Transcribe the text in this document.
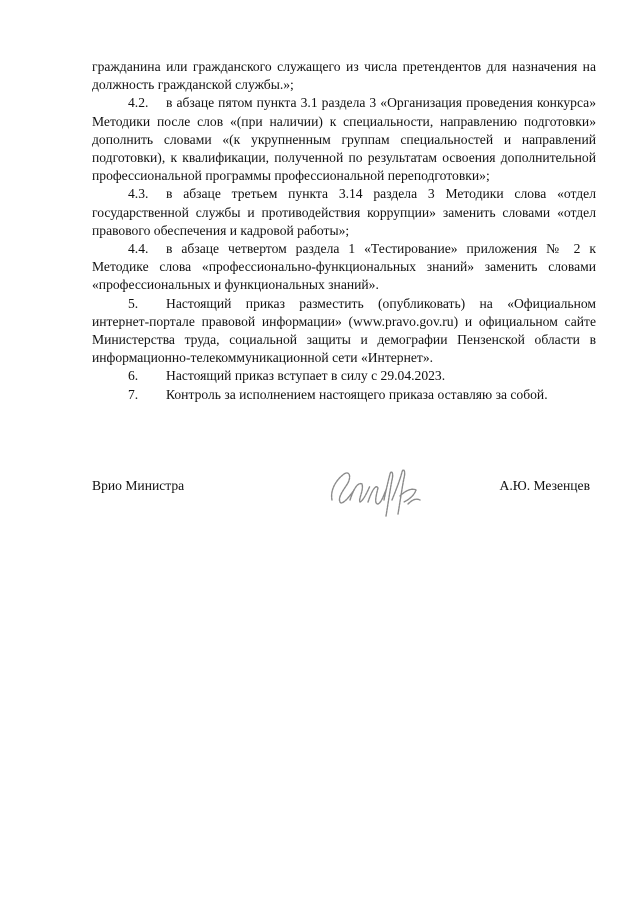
гражданина или гражданского служащего из числа претендентов для назначения на должность гражданской службы.»;

4.2. в абзаце пятом пункта 3.1 раздела 3 «Организация проведения конкурса» Методики после слов «(при наличии) к специальности, направлению подготовки» дополнить словами «(к укрупненным группам специальностей и направлений подготовки), к квалификации, полученной по результатам освоения дополнительной профессиональной программы профессиональной переподготовки»;

4.3. в абзаце третьем пункта 3.14 раздела 3 Методики слова «отдел государственной службы и противодействия коррупции» заменить словами «отдел правового обеспечения и кадровой работы»;

4.4. в абзаце четвертом раздела 1 «Тестирование» приложения № 2 к Методике слова «профессионально-функциональных знаний» заменить словами «профессиональных и функциональных знаний».

5. Настоящий приказ разместить (опубликовать) на «Официальном интернет-портале правовой информации» (www.pravo.gov.ru) и официальном сайте Министерства труда, социальной защиты и демографии Пензенской области в информационно-телекоммуникационной сети «Интернет».

6. Настоящий приказ вступает в силу с 29.04.2023.

7. Контроль за исполнением настоящего приказа оставляю за собой.

Врио Министра	А.Ю. Мезенцев
